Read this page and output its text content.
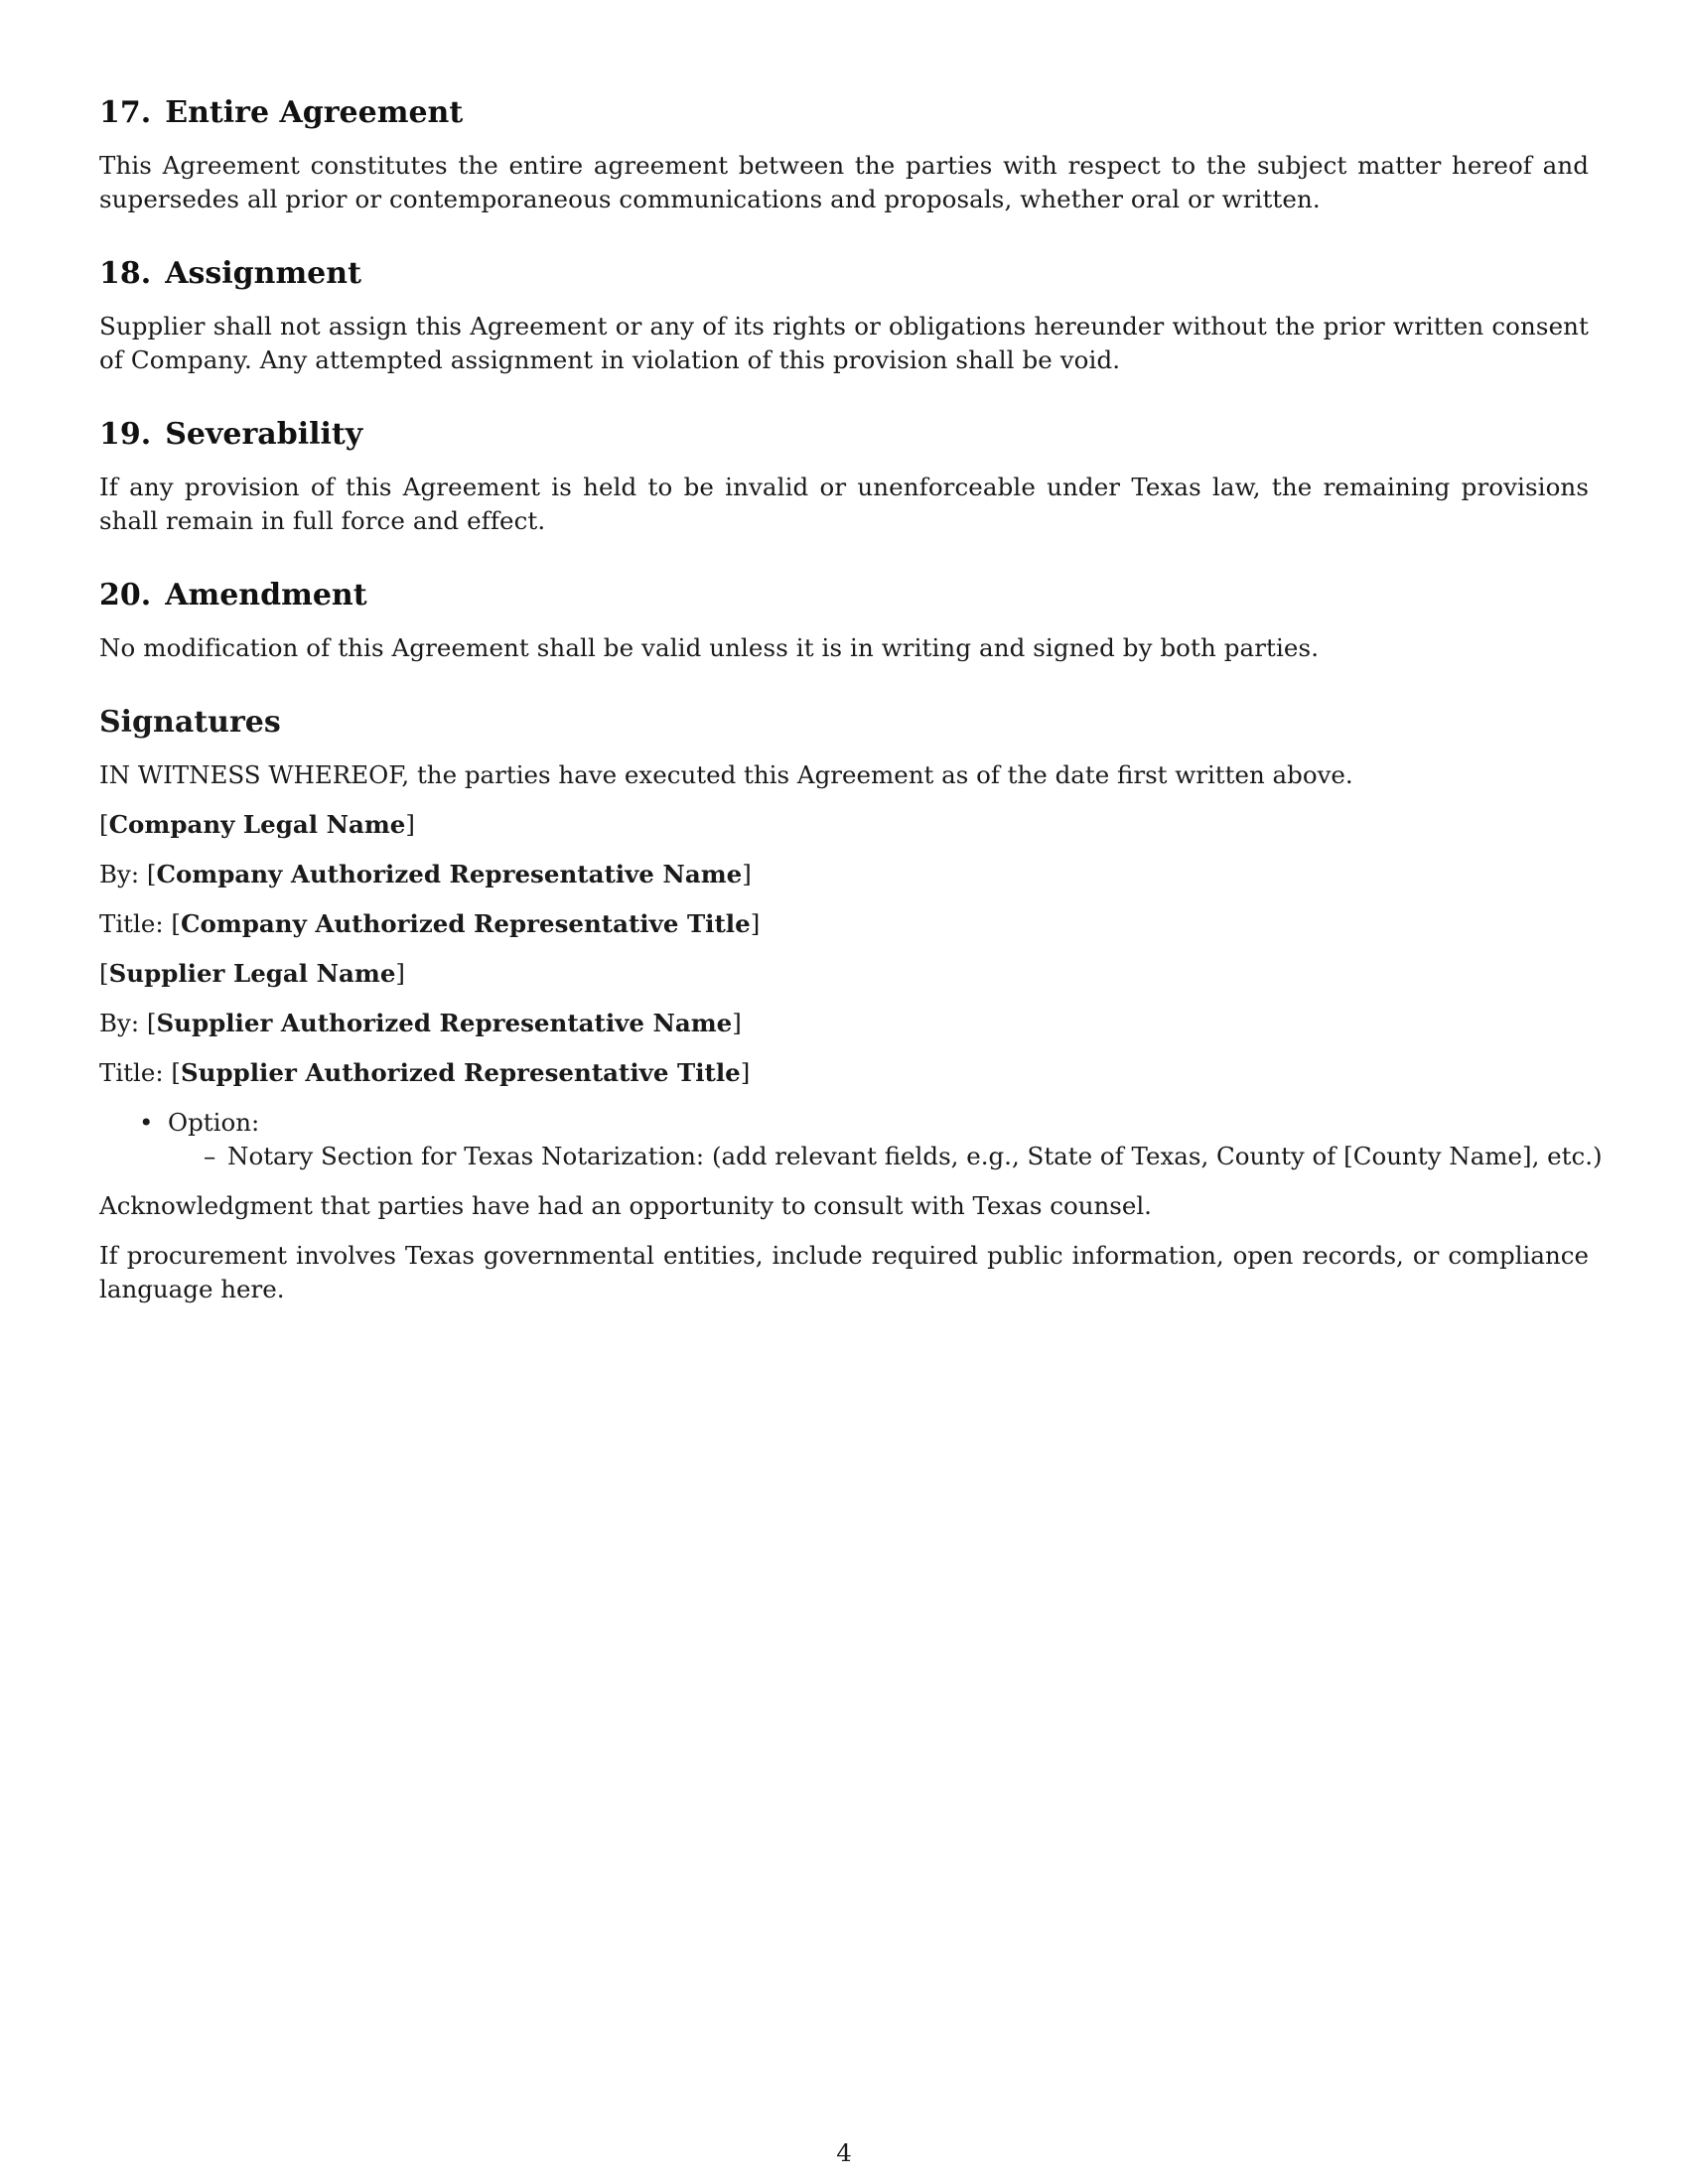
17. Entire Agreement

This Agreement constitutes the entire agreement between the parties with respect to the subject matter hereof and supersedes all prior or contemporaneous communications and proposals, whether oral or written.

18. Assignment

Supplier shall not assign this Agreement or any of its rights or obligations hereunder without the prior written consent of Company. Any attempted assignment in violation of this provision shall be void.

19. Severability

If any provision of this Agreement is held to be invalid or unenforceable under Texas law, the remaining provisions shall remain in full force and effect.

20. Amendment

No modification of this Agreement shall be valid unless it is in writing and signed by both parties.

Signatures

IN WITNESS WHEREOF, the parties have executed this Agreement as of the date first written above.

[Company Legal Name]

By: [Company Authorized Representative Name]

Title: [Company Authorized Representative Title]

[Supplier Legal Name]

By: [Supplier Authorized Representative Name]

Title: [Supplier Authorized Representative Title]

• Option:
– Notary Section for Texas Notarization: (add relevant fields, e.g., State of Texas, County of [County Name], etc.)

Acknowledgment that parties have had an opportunity to consult with Texas counsel.

If procurement involves Texas governmental entities, include required public information, open records, or compliance language here.

4
